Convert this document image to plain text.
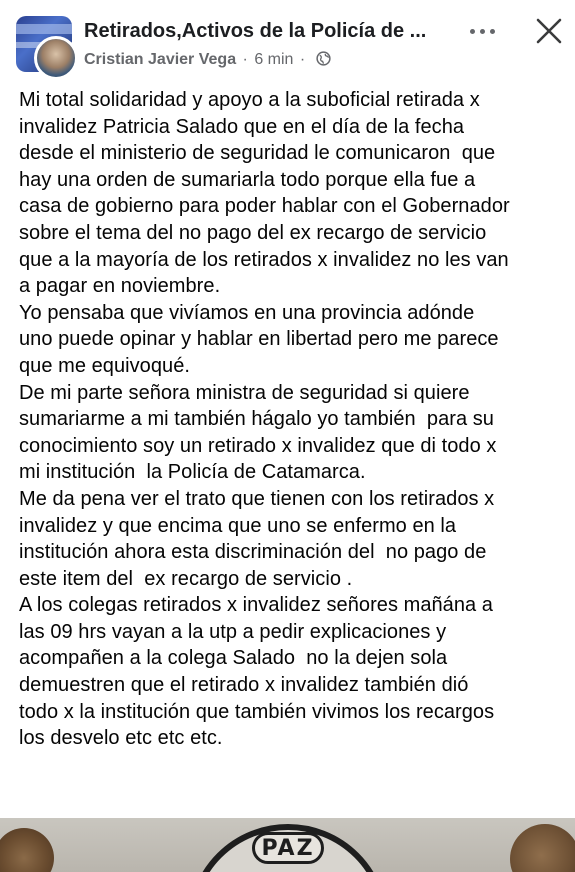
Retirados,Activos de la Policía de ...
Cristian Javier Vega · 6 min ·
Mi total solidaridad y apoyo a la suboficial retirada x
invalidez Patricia Salado que en el día de la fecha
desde el ministerio de seguridad le comunicaron  que
hay una orden de sumariarla todo porque ella fue a
casa de gobierno para poder hablar con el Gobernador
sobre el tema del no pago del ex recargo de servicio
que a la mayoría de los retirados x invalidez no les van
a pagar en noviembre.
Yo pensaba que vivíamos en una provincia adónde
uno puede opinar y hablar en libertad pero me parece
que me equivoqué.
De mi parte señora ministra de seguridad si quiere
sumariarme a mi también hágalo yo también  para su
conocimiento soy un retirado x invalidez que di todo x
mi institución  la Policía de Catamarca.
Me da pena ver el trato que tienen con los retirados x
invalidez y que encima que uno se enfermo en la
institución ahora esta discriminación del  no pago de
este item del  ex recargo de servicio .
A los colegas retirados x invalidez señores mañána a
las 09 hrs vayan a la utp a pedir explicaciones y
acompañen a la colega Salado  no la dejen sola
demuestren que el retirado x invalidez también dió
todo x la institución que también vivimos los recargos
los desvelo etc etc etc.
PAZ
